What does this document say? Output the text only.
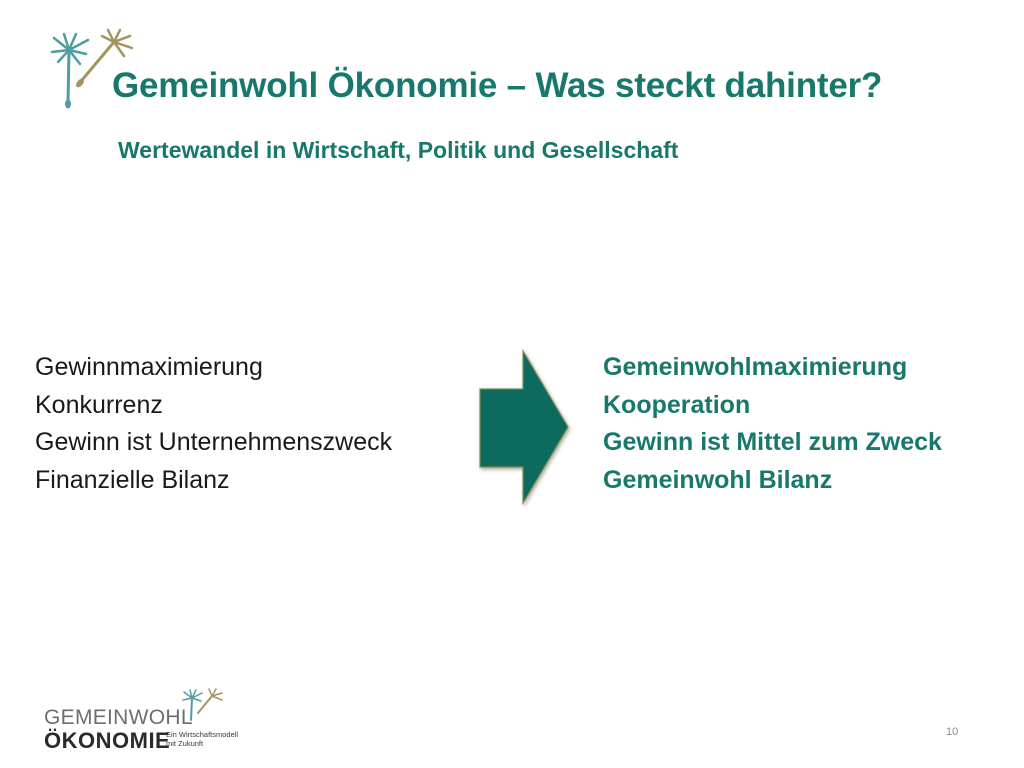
Gemeinwohl Ökonomie – Was steckt dahinter?
Wertewandel in Wirtschaft, Politik und Gesellschaft
Gewinnmaximierung
Konkurrenz
Gewinn ist Unternehmenszweck
Finanzielle Bilanz
Gemeinwohlmaximierung
Kooperation
Gewinn ist Mittel zum Zweck
Gemeinwohl Bilanz
GEMEINWOHL
ÖKONOMIE
Ein Wirtschaftsmodell
mit Zukunft
10
